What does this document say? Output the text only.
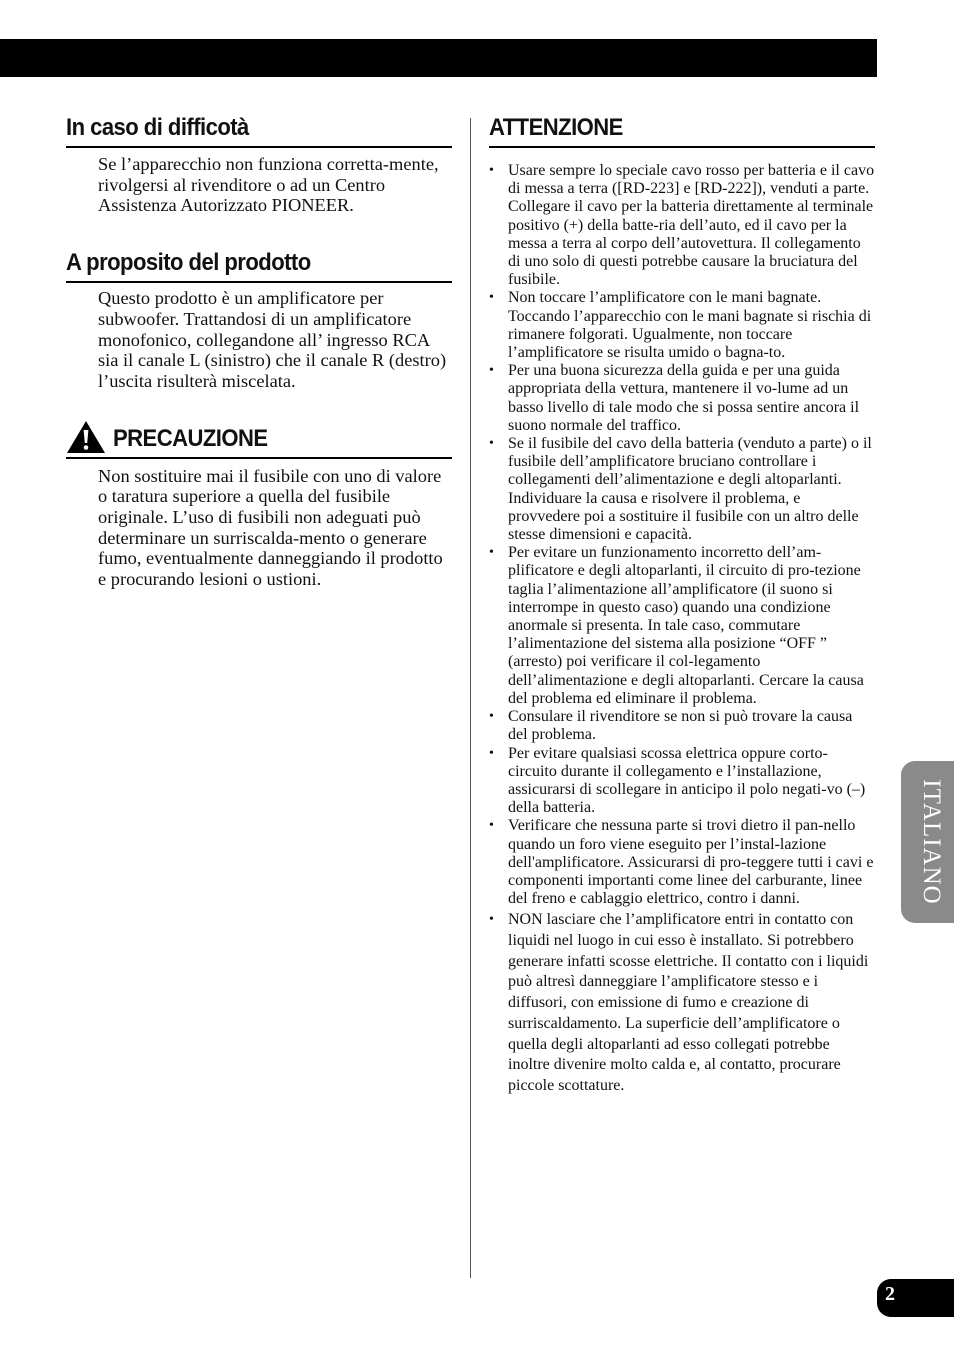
In caso di difficotà

Se l’apparecchio non funziona corretta-mente, rivolgersi al rivenditore o ad un Centro Assistenza Autorizzato PIONEER.

A proposito del prodotto

Questo prodotto è un amplificatore per subwoofer. Trattandosi di un amplificatore monofonico, collegandone all’ ingresso RCA sia il canale L (sinistro) che il canale R (destro) l’uscita risulterà miscelata.

PRECAUZIONE

Non sostituire mai il fusibile con uno di valore o taratura superiore a quella del fusibile originale. L’uso di fusibili non adeguati può determinare un surriscalda-mento o generare fumo, eventualmente danneggiando il prodotto e procurando lesioni o ustioni.

ATTENZIONE
• Usare sempre lo speciale cavo rosso per batteria e il cavo di messa a terra ([RD-223] e [RD-222]), venduti a parte. Collegare il cavo per la batteria direttamente al terminale positivo (+) della batte-ria dell’auto, ed il cavo per la messa a terra al corpo dell’autovettura. Il collegamento di uno solo di questi potrebbe causare la bruciatura del fusibile.
• Non toccare l’amplificatore con le mani bagnate. Toccando l’apparecchio con le mani bagnate si rischia di rimanere folgorati. Ugualmente, non toccare l’amplificatore se risulta umido o bagna-to.
• Per una buona sicurezza della guida e per una guida appropriata della vettura, mantenere il vo-lume ad un basso livello di tale modo che si possa sentire ancora il suono normale del traffico.
• Se il fusibile del cavo della batteria (venduto a parte) o il fusibile dell’amplificatore bruciano controllare i collegamenti dell’alimentazione e degli altoparlanti. Individuare la causa e risolvere il problema, e provvedere poi a sostituire il fusibile con un altro delle stesse dimensioni e capacità.
• Per evitare un funzionamento incorretto dell’am-plificatore e degli altoparlanti, il circuito di pro-tezione taglia l’alimentazione all’amplificatore (il suono si interrompe in questo caso) quando una condizione anormale si presenta. In tale caso, commutare l’alimentazione del sistema alla posizione “OFF ” (arresto) poi verificare il col-legamento dell’alimentazione e degli altoparlanti. Cercare la causa del problema ed eliminare il problema.
• Consulare il rivenditore se non si può trovare la causa del problema.
• Per evitare qualsiasi scossa elettrica oppure corto-circuito durante il collegamento e l’installazione, assicurarsi di scollegare in anticipo il polo negati-vo (–) della batteria.
• Verificare che nessuna parte si trovi dietro il pan-nello quando un foro viene eseguito per l’instal-lazione dell'amplificatore. Assicurarsi di pro-teggere tutti i cavi e componenti importanti come linee del carburante, linee del freno e cablaggio elettrico, contro i danni.
• NON lasciare che l’amplificatore entri in contatto con liquidi nel luogo in cui esso è installato. Si potrebbero generare infatti scosse elettriche. Il contatto con i liquidi può altresì danneggiare l’amplificatore stesso e i diffusori, con emissione di fumo e creazione di surriscaldamento. La superficie dell’amplificatore o quella degli altoparlanti ad esso collegati potrebbe inoltre divenire molto calda e, al contatto, procurare piccole scottature.
ITALIANO
2
